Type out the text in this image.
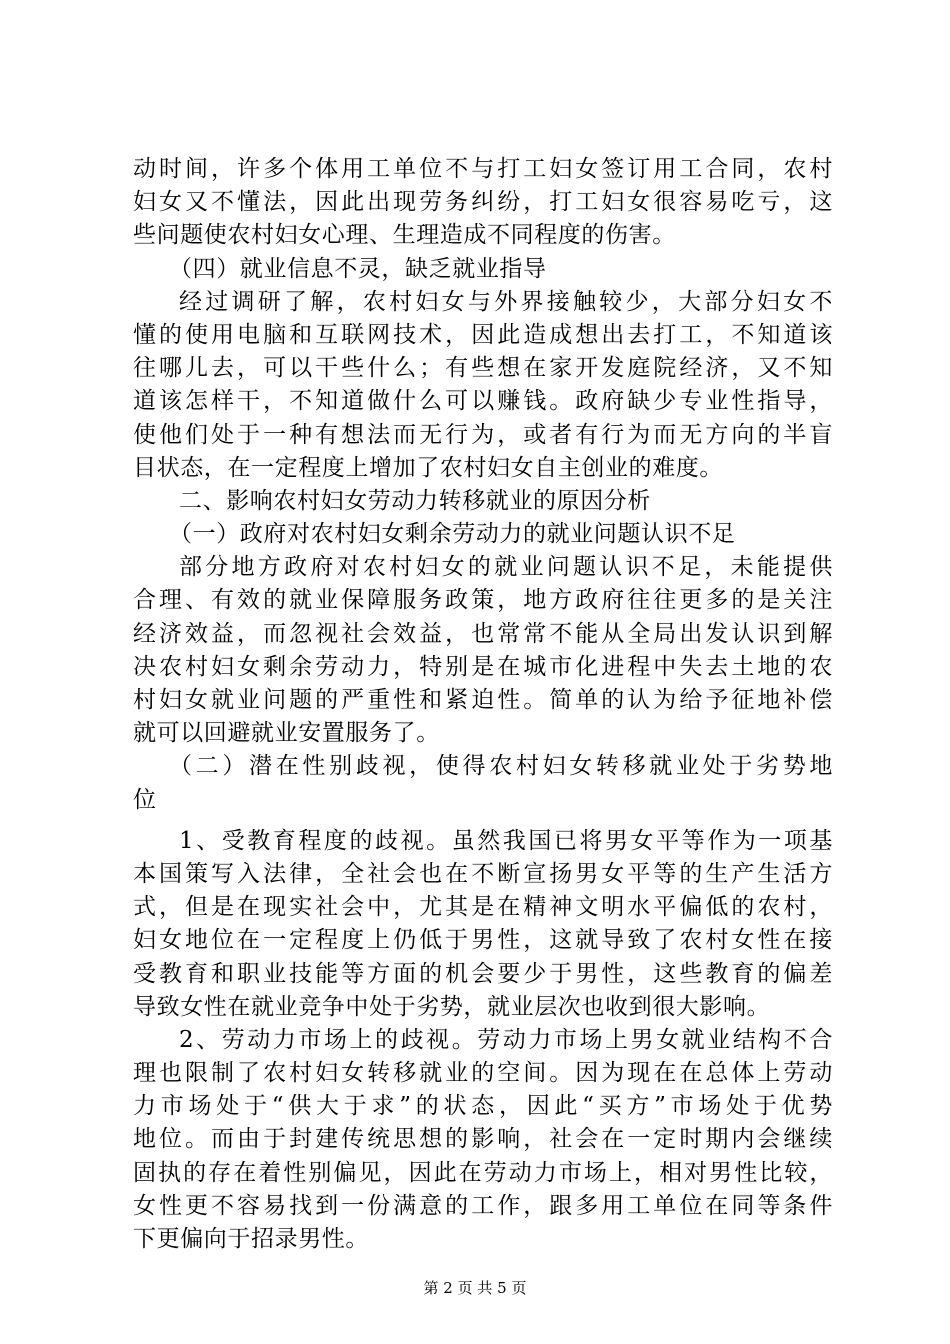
动时间，许多个体用工单位不与打工妇女签订用工合同，农村
妇女又不懂法，因此出现劳务纠纷，打工妇女很容易吃亏，这
些问题使农村妇女心理、生理造成不同程度的伤害。
（四）就业信息不灵，缺乏就业指导
经过调研了解，农村妇女与外界接触较少，大部分妇女不
懂的使用电脑和互联网技术，因此造成想出去打工，不知道该
往哪儿去，可以干些什么；有些想在家开发庭院经济，又不知
道该怎样干，不知道做什么可以赚钱。政府缺少专业性指导，
使他们处于一种有想法而无行为，或者有行为而无方向的半盲
目状态，在一定程度上增加了农村妇女自主创业的难度。
二、影响农村妇女劳动力转移就业的原因分析
（一）政府对农村妇女剩余劳动力的就业问题认识不足
部分地方政府对农村妇女的就业问题认识不足，未能提供
合理、有效的就业保障服务政策，地方政府往往更多的是关注
经济效益，而忽视社会效益，也常常不能从全局出发认识到解
决农村妇女剩余劳动力，特别是在城市化进程中失去土地的农
村妇女就业问题的严重性和紧迫性。简单的认为给予征地补偿
就可以回避就业安置服务了。
（二）潜在性别歧视，使得农村妇女转移就业处于劣势地
位
1、受教育程度的歧视。虽然我国已将男女平等作为一项基
本国策写入法律，全社会也在不断宣扬男女平等的生产生活方
式，但是在现实社会中，尤其是在精神文明水平偏低的农村，
妇女地位在一定程度上仍低于男性，这就导致了农村女性在接
受教育和职业技能等方面的机会要少于男性，这些教育的偏差
导致女性在就业竞争中处于劣势，就业层次也收到很大影响。
2、劳动力市场上的歧视。劳动力市场上男女就业结构不合
理也限制了农村妇女转移就业的空间。因为现在在总体上劳动
力市场处于“供大于求”的状态，因此“买方”市场处于优势
地位。而由于封建传统思想的影响，社会在一定时期内会继续
固执的存在着性别偏见，因此在劳动力市场上，相对男性比较，
女性更不容易找到一份满意的工作，跟多用工单位在同等条件
下更偏向于招录男性。
第 2 页 共 5 页
